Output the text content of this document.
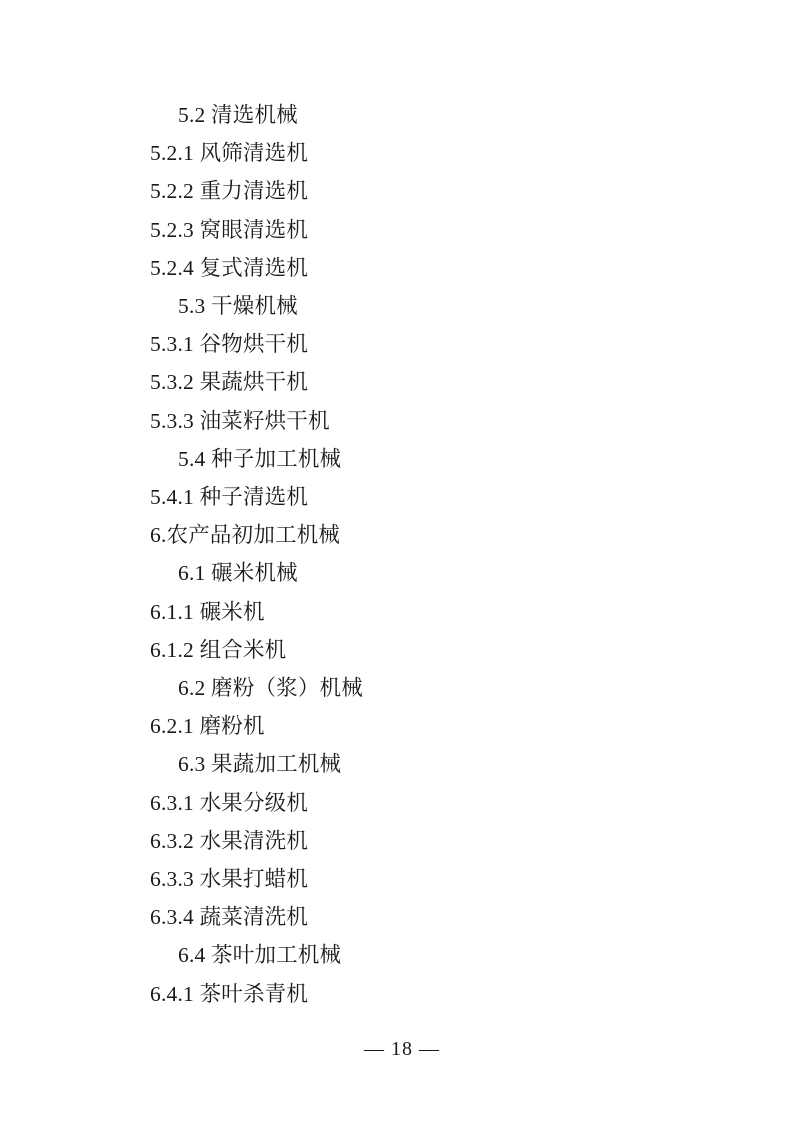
5.2 清选机械
5.2.1 风筛清选机
5.2.2 重力清选机
5.2.3 窝眼清选机
5.2.4 复式清选机
5.3 干燥机械
5.3.1 谷物烘干机
5.3.2 果蔬烘干机
5.3.3 油菜籽烘干机
5.4 种子加工机械
5.4.1 种子清选机
6.农产品初加工机械
6.1 碾米机械
6.1.1 碾米机
6.1.2 组合米机
6.2 磨粉（浆）机械
6.2.1 磨粉机
6.3 果蔬加工机械
6.3.1 水果分级机
6.3.2 水果清洗机
6.3.3 水果打蜡机
6.3.4 蔬菜清洗机
6.4 茶叶加工机械
6.4.1 茶叶杀青机
— 18 —
